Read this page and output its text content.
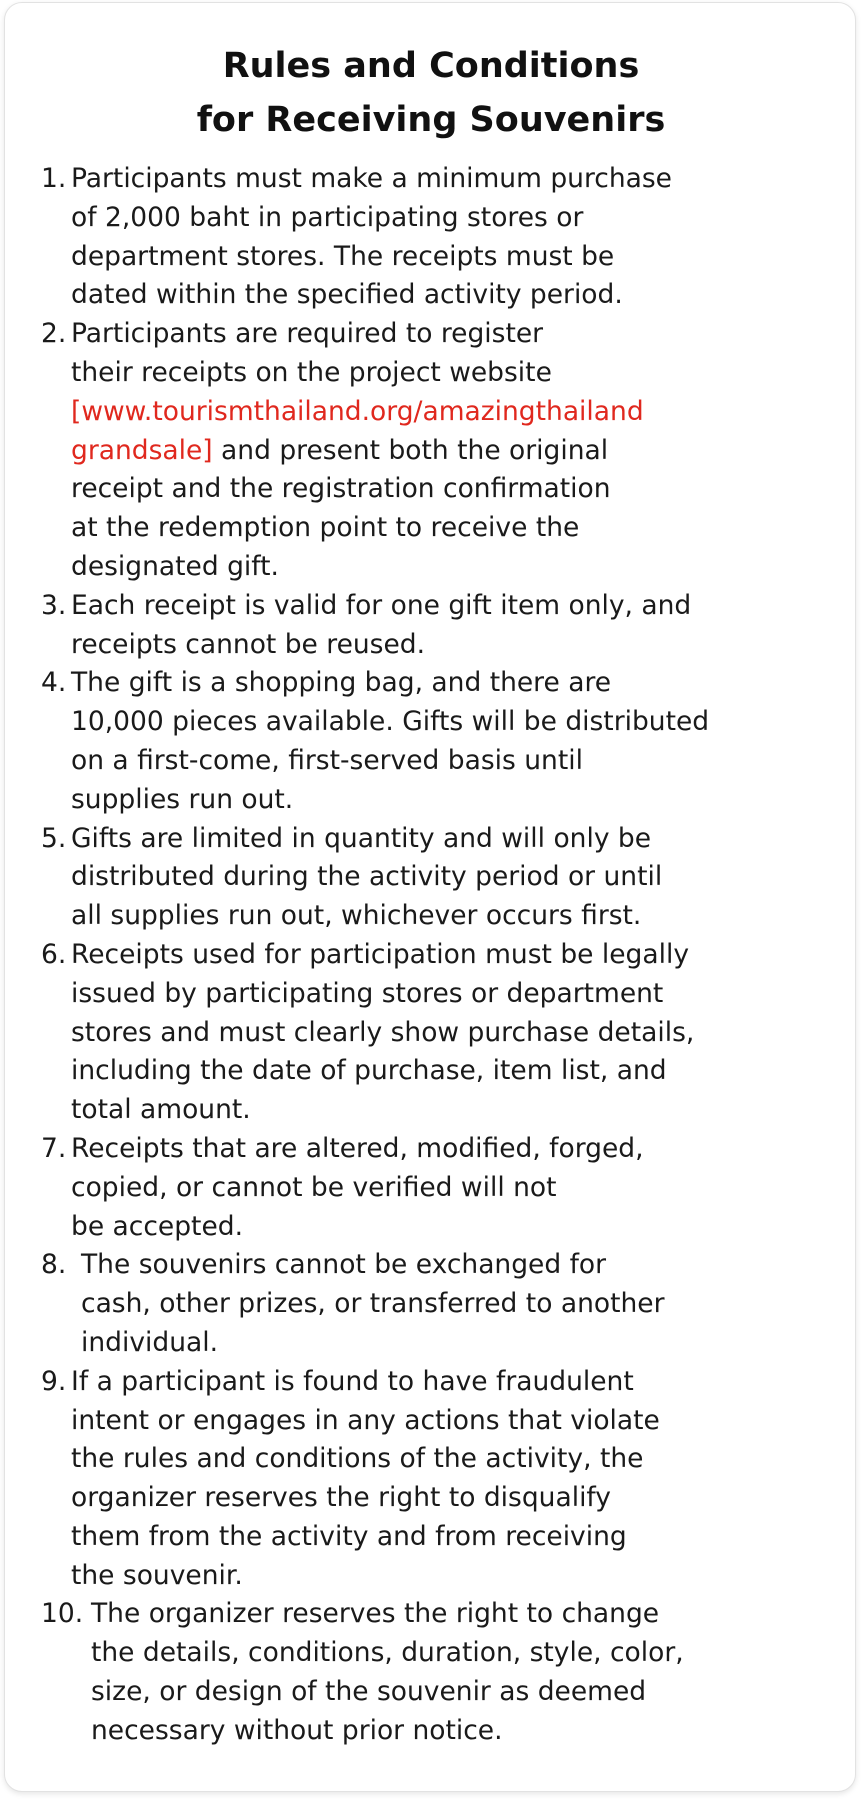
Rules and Conditions
for Receiving Souvenirs
1. Participants must make a minimum purchase
of 2,000 baht in participating stores or
department stores. The receipts must be
dated within the specified activity period.
2. Participants are required to register
their receipts on the project website
[www.tourismthailand.org/amazingthailand
grandsale] and present both the original
receipt and the registration confirmation
at the redemption point to receive the
designated gift.
3. Each receipt is valid for one gift item only, and
receipts cannot be reused.
4. The gift is a shopping bag, and there are
10,000 pieces available. Gifts will be distributed
on a first-come, first-served basis until
supplies run out.
5. Gifts are limited in quantity and will only be
distributed during the activity period or until
all supplies run out, whichever occurs first.
6. Receipts used for participation must be legally
issued by participating stores or department
stores and must clearly show purchase details,
including the date of purchase, item list, and
total amount.
7. Receipts that are altered, modified, forged,
copied, or cannot be verified will not
be accepted.
8. The souvenirs cannot be exchanged for
cash, other prizes, or transferred to another
individual.
9. If a participant is found to have fraudulent
intent or engages in any actions that violate
the rules and conditions of the activity, the
organizer reserves the right to disqualify
them from the activity and from receiving
the souvenir.
10. The organizer reserves the right to change
the details, conditions, duration, style, color,
size, or design of the souvenir as deemed
necessary without prior notice.
